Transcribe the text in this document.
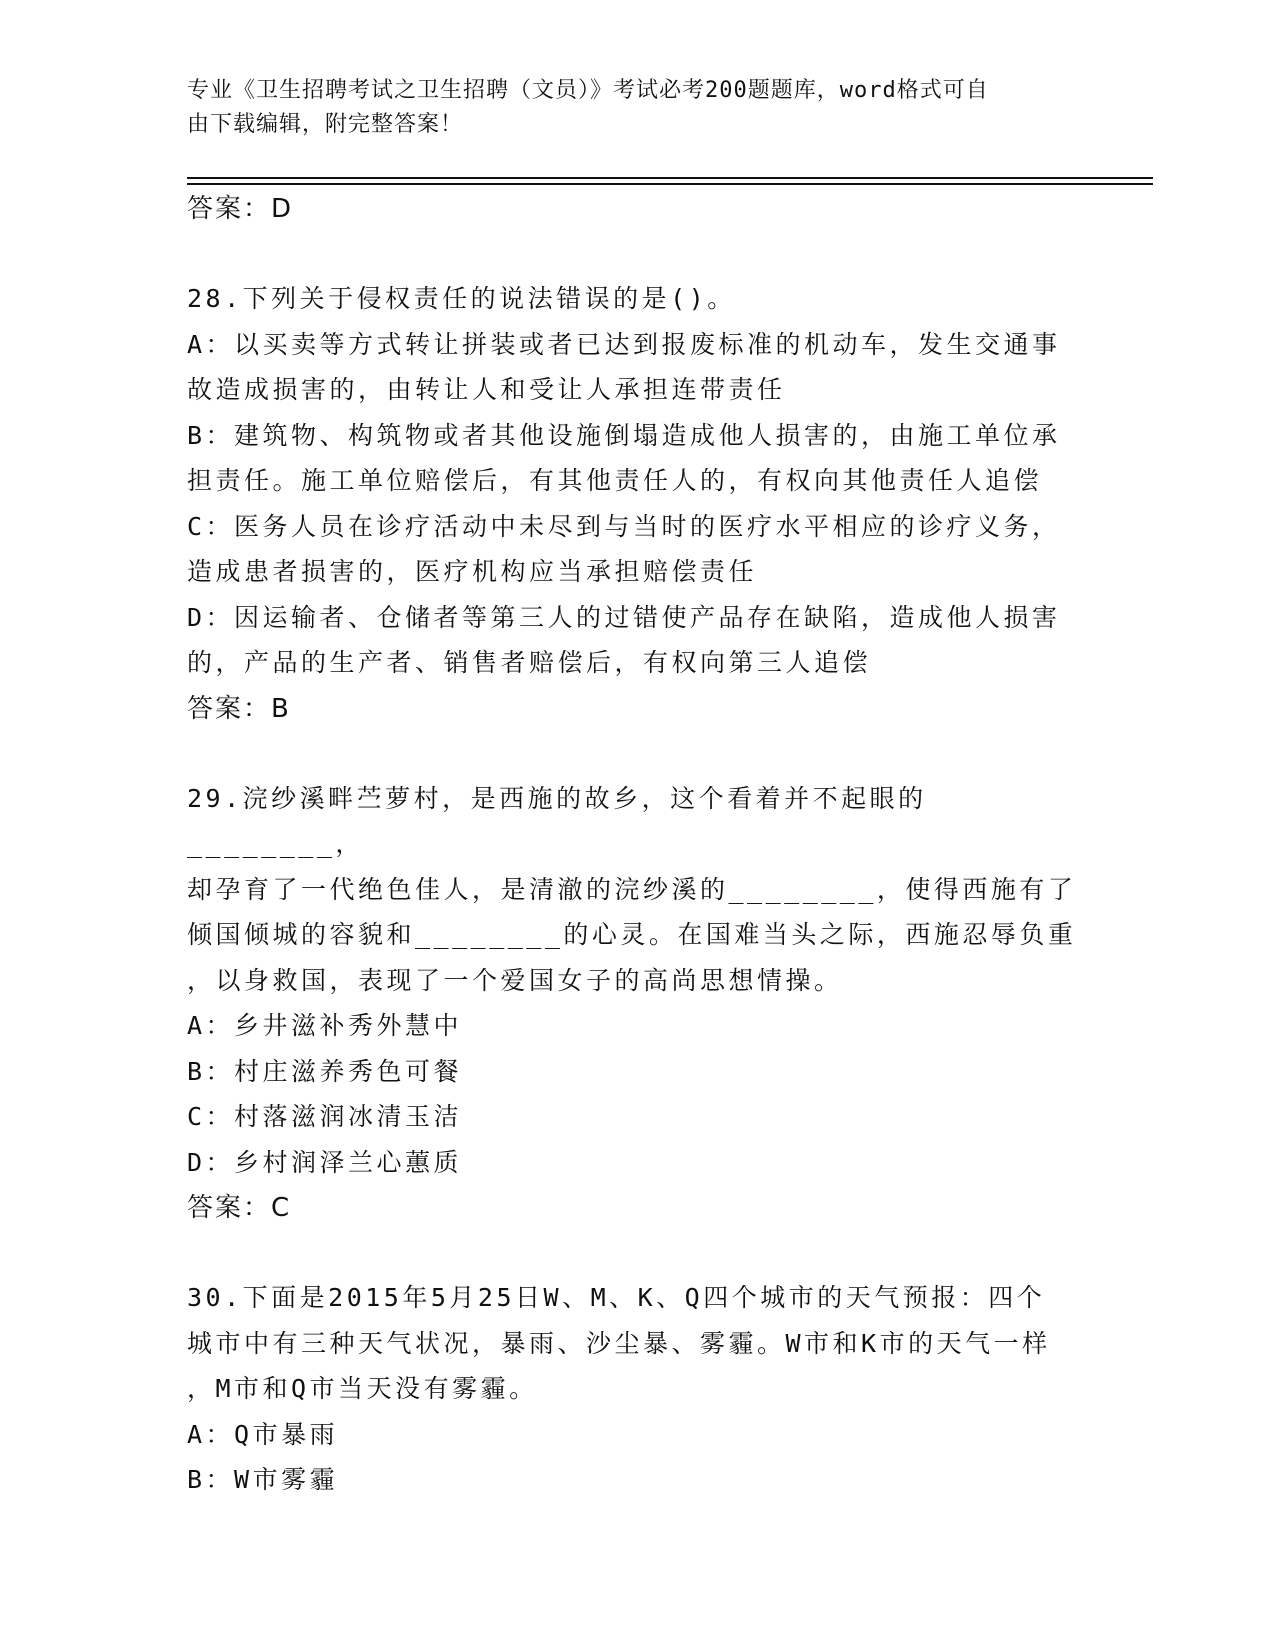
专业《卫生招聘考试之卫生招聘（文员）》考试必考200题题库，word格式可自
由下载编辑，附完整答案！

答案：D

28.下列关于侵权责任的说法错误的是()。

A：以买卖等方式转让拼装或者已达到报废标准的机动车，发生交通事

故造成损害的，由转让人和受让人承担连带责任

B：建筑物、构筑物或者其他设施倒塌造成他人损害的，由施工单位承

担责任。施工单位赔偿后，有其他责任人的，有权向其他责任人追偿

C：医务人员在诊疗活动中未尽到与当时的医疗水平相应的诊疗义务，

造成患者损害的，医疗机构应当承担赔偿责任

D：因运输者、仓储者等第三人的过错使产品存在缺陷，造成他人损害

的，产品的生产者、销售者赔偿后，有权向第三人追偿

答案：B

29.浣纱溪畔苎萝村，是西施的故乡，这个看着并不起眼的________，

却孕育了一代绝色佳人，是清澈的浣纱溪的________，使得西施有了

倾国倾城的容貌和________的心灵。在国难当头之际，西施忍辱负重

，以身救国，表现了一个爱国女子的高尚思想情操。

A：乡井滋补秀外慧中

B：村庄滋养秀色可餐

C：村落滋润冰清玉洁

D：乡村润泽兰心蕙质

答案：C

30.下面是2015年5月25日W、M、K、Q四个城市的天气预报：四个

城市中有三种天气状况，暴雨、沙尘暴、雾霾。W市和K市的天气一样

，M市和Q市当天没有雾霾。

A：Q市暴雨

B：W市雾霾
